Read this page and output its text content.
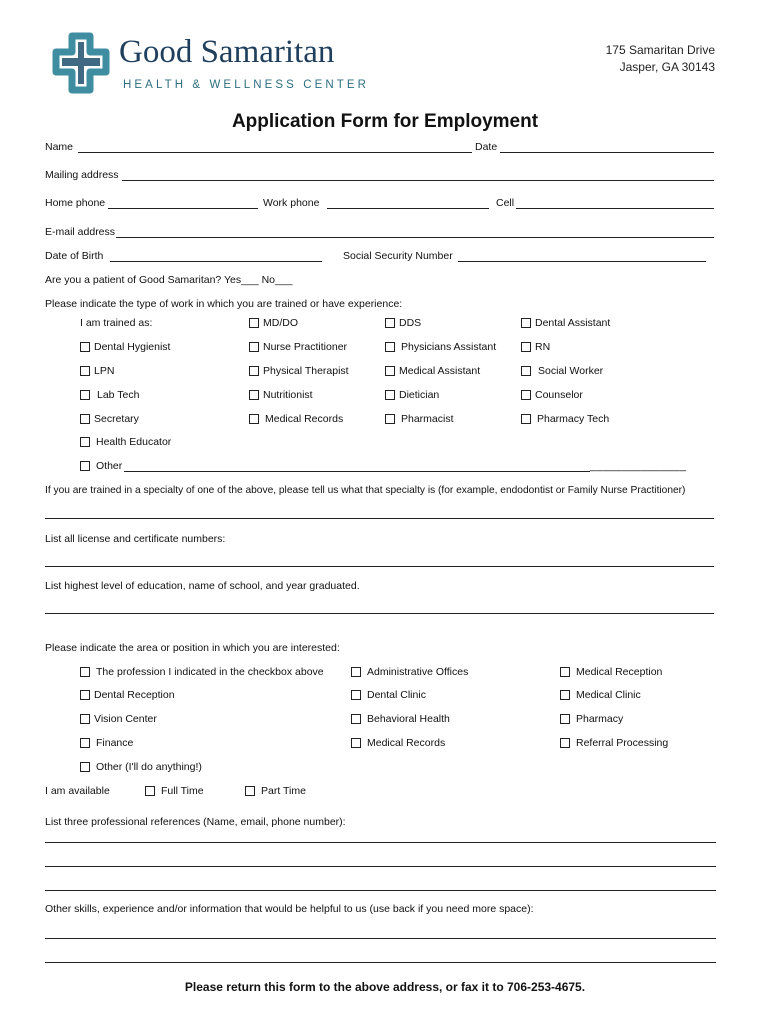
Good Samaritan
HEALTH & WELLNESS CENTER
175 Samaritan Drive
Jasper, GA 30143
Application Form for Employment
Name	Date
Mailing address
Home phone	Work phone	Cell
E-mail address
Date of Birth	Social Security Number
Are you a patient of Good Samaritan? Yes___ No___
Please indicate the type of work in which you are trained or have experience:
I am trained as:	MD/DO	DDS	Dental Assistant
Dental Hygienist	Nurse Practitioner	Physicians Assistant	RN
LPN	Physical Therapist	Medical Assistant	Social Worker
Lab Tech	Nutritionist	Dietician	Counselor
Secretary	Medical Records	Pharmacist	Pharmacy Tech
Health Educator
Other	_______________
If you are trained in a specialty of one of the above, please tell us what that specialty is (for example, endodontist or Family Nurse Practitioner)
List all license and certificate numbers:
List highest level of education, name of school, and year graduated.
Please indicate the area or position in which you are interested:
The profession I indicated in the checkbox above	Administrative Offices	Medical Reception
Dental Reception	Dental Clinic	Medical Clinic
Vision Center	Behavioral Health	Pharmacy
Finance	Medical Records	Referral Processing
Other (I'll do anything!)
I am available	Full Time	Part Time
List three professional references (Name, email, phone number):
Other skills, experience and/or information that would be helpful to us (use back if you need more space):
Please return this form to the above address, or fax it to 706-253-4675.
